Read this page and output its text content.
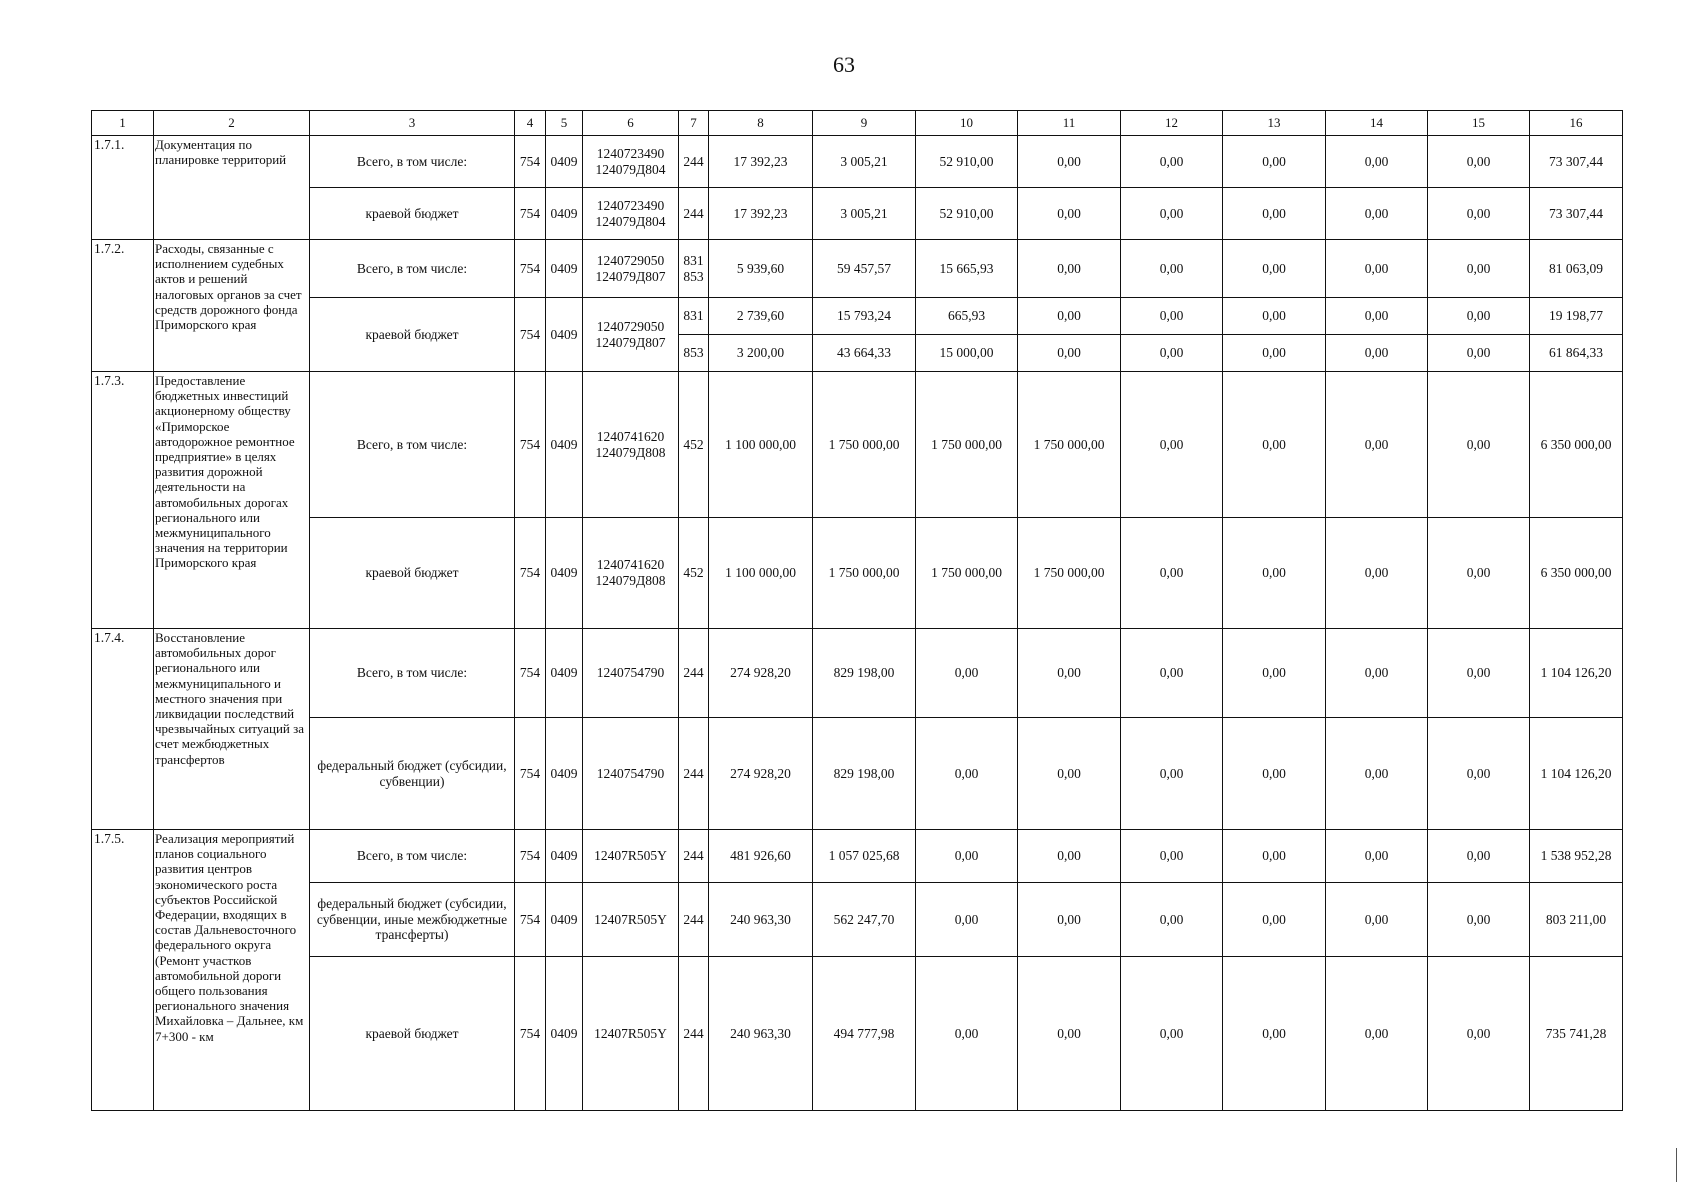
63
1	2	3	4	5	6	7	8	9	10	11	12	13	14	15	16
1.7.1.	Документация по планировке территорий	Всего, в том числе:	754	0409	1240723490 124079Д804	244	17 392,23	3 005,21	52 910,00	0,00	0,00	0,00	0,00	0,00	73 307,44
		краевой бюджет	754	0409	1240723490 124079Д804	244	17 392,23	3 005,21	52 910,00	0,00	0,00	0,00	0,00	0,00	73 307,44
1.7.2.	Расходы, связанные с исполнением судебных актов и решений налоговых органов за счет средств дорожного фонда Приморского края	Всего, в том числе:	754	0409	1240729050 124079Д807	831 853	5 939,60	59 457,57	15 665,93	0,00	0,00	0,00	0,00	0,00	81 063,09
		краевой бюджет	754	0409	1240729050 124079Д807	831	2 739,60	15 793,24	665,93	0,00	0,00	0,00	0,00	0,00	19 198,77
						853	3 200,00	43 664,33	15 000,00	0,00	0,00	0,00	0,00	0,00	61 864,33
1.7.3.	Предоставление бюджетных инвестиций акционерному обществу «Приморское автодорожное ремонтное предприятие» в целях развития дорожной деятельности на автомобильных дорогах регионального или межмуниципального значения на территории Приморского края	Всего, в том числе:	754	0409	1240741620 124079Д808	452	1 100 000,00	1 750 000,00	1 750 000,00	1 750 000,00	0,00	0,00	0,00	0,00	6 350 000,00
		краевой бюджет	754	0409	1240741620 124079Д808	452	1 100 000,00	1 750 000,00	1 750 000,00	1 750 000,00	0,00	0,00	0,00	0,00	6 350 000,00
1.7.4.	Восстановление автомобильных дорог регионального или межмуниципального и местного значения при ликвидации последствий чрезвычайных ситуаций за счет межбюджетных трансфертов	Всего, в том числе:	754	0409	1240754790	244	274 928,20	829 198,00	0,00	0,00	0,00	0,00	0,00	0,00	1 104 126,20
		федеральный бюджет (субсидии, субвенции)	754	0409	1240754790	244	274 928,20	829 198,00	0,00	0,00	0,00	0,00	0,00	0,00	1 104 126,20
1.7.5.	Реализация мероприятий планов социального развития центров экономического роста субъектов Российской Федерации, входящих в состав Дальневосточного федерального округа (Ремонт участков автомобильной дороги общего пользования регионального значения Михайловка – Дальнее, км 7+300 - км	Всего, в том числе:	754	0409	12407R505Y	244	481 926,60	1 057 025,68	0,00	0,00	0,00	0,00	0,00	0,00	1 538 952,28
		федеральный бюджет (субсидии, субвенции, иные межбюджетные трансферты)	754	0409	12407R505Y	244	240 963,30	562 247,70	0,00	0,00	0,00	0,00	0,00	0,00	803 211,00
		краевой бюджет	754	0409	12407R505Y	244	240 963,30	494 777,98	0,00	0,00	0,00	0,00	0,00	0,00	735 741,28
